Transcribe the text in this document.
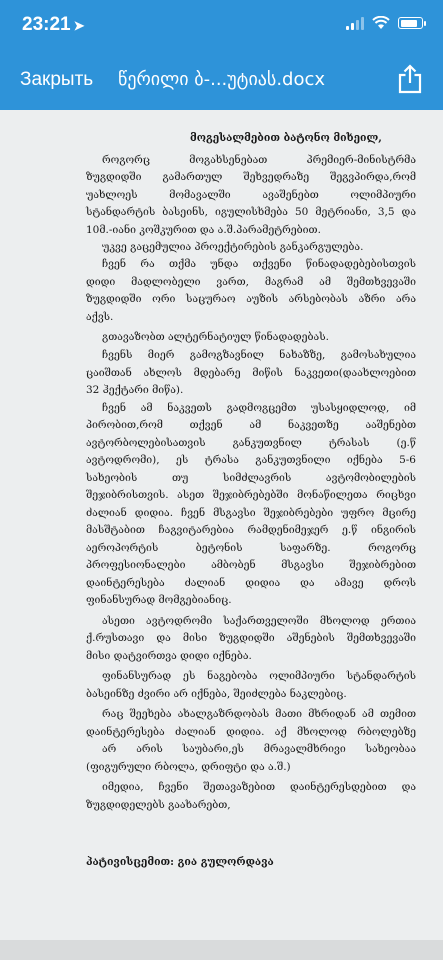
23:21 ➤
Закрыть წერილი ბ-...უტიას.docx
მოგესალმებით ბატონო მიხეილ,
როგორც მოგახსენებათ პრემიერ-მინისტრმა
ზუგდიდში გამართულ შეხვედრაზე შეგვპირდა,რომ
უახლოეს მომავალში ავაშენებთ ოლიმპიური
სტანდარტის ბასეინს, იგულისხმება 50 მეტრიანი, 3,5 და
10მ.-იანი კოშკურით და ა.შ.პარამეტრებით.
უკვე გაცემულია პროექტირების განკარგულება.
ჩვენ რა თქმა უნდა თქვენი წინადადებებისთვის
დიდი მადლობელი ვართ, მაგრამ ამ შემთხვევაში
ზუგდიდში ორი საცურაო აუზის არსებობას აზრი არა
აქვს.
გთავაზობთ ალტერნატიულ წინადადებას.
ჩვენს მიერ გამოგზავნილ ნახაზზე, გამოსახულია
ცაიშთან ახლოს მდებარე მიწის ნაკვეთი(დაახლოებით
32 ჰექტარი მიწა).
ჩვენ ამ ნაკვეთს გადმოგცემთ უსასყიდლოდ, იმ
პირობით,რომ თქვენ ამ ნაკვეთზე ააშენებთ
ავტორბოლებისათვის განკუთვნილ ტრასას (ე.წ
ავტოდრომი), ეს ტრასა განკუთვნილი იქნება 5-6
სახეობის თუ სიმძლავრის ავტომობილების
შეჯიბრისთვის. ასეთ შეჯიბრებებში მონაწილეთა რიცხვი
ძალიან დიდია. ჩვენ მსგავსი შეჯიბრებები უფრო მცირე
მასშტაბით ჩაგვიტარებია რამდენიმეჯერ ე.წ ინგირის
აეროპორტის ბეტონის საფარზე. როგორც
პროფესიონალები ამბობენ მსგავსი შეჯიბრებით
დაინტერესება ძალიან დიდია და ამავე დროს
ფინანსურად მომგებიანიც.
ასეთი ავტოდრომი საქართველოში მხოლოდ ერთია
ქ.რუსთავი და მისი ზუგდიდში აშენების შემთხვევაში
მისი დატვირთვა დიდი იქნება.
ფინანსურად ეს ნაგებობა ოლიმპიური სტანდარტის
ბასეინზე ძვირი არ იქნება, შეიძლება ნაკლებიც.
რაც შეეხება ახალგაზრდობას მათი მხრიდან ამ თემით
დაინტერესება ძალიან დიდია. აქ მხოლოდ რბოლებზე
არ არის საუბარი,ეს მრავალმხრივი სახეობაა
(ფიგურული რბოლა, დრიფტი და ა.შ.)
იმედია, ჩვენი შეთავაზებით დაინტერესდებით და
ზუგდიდელებს გაახარებთ,
პატივისცემით: გია გულორდავა
